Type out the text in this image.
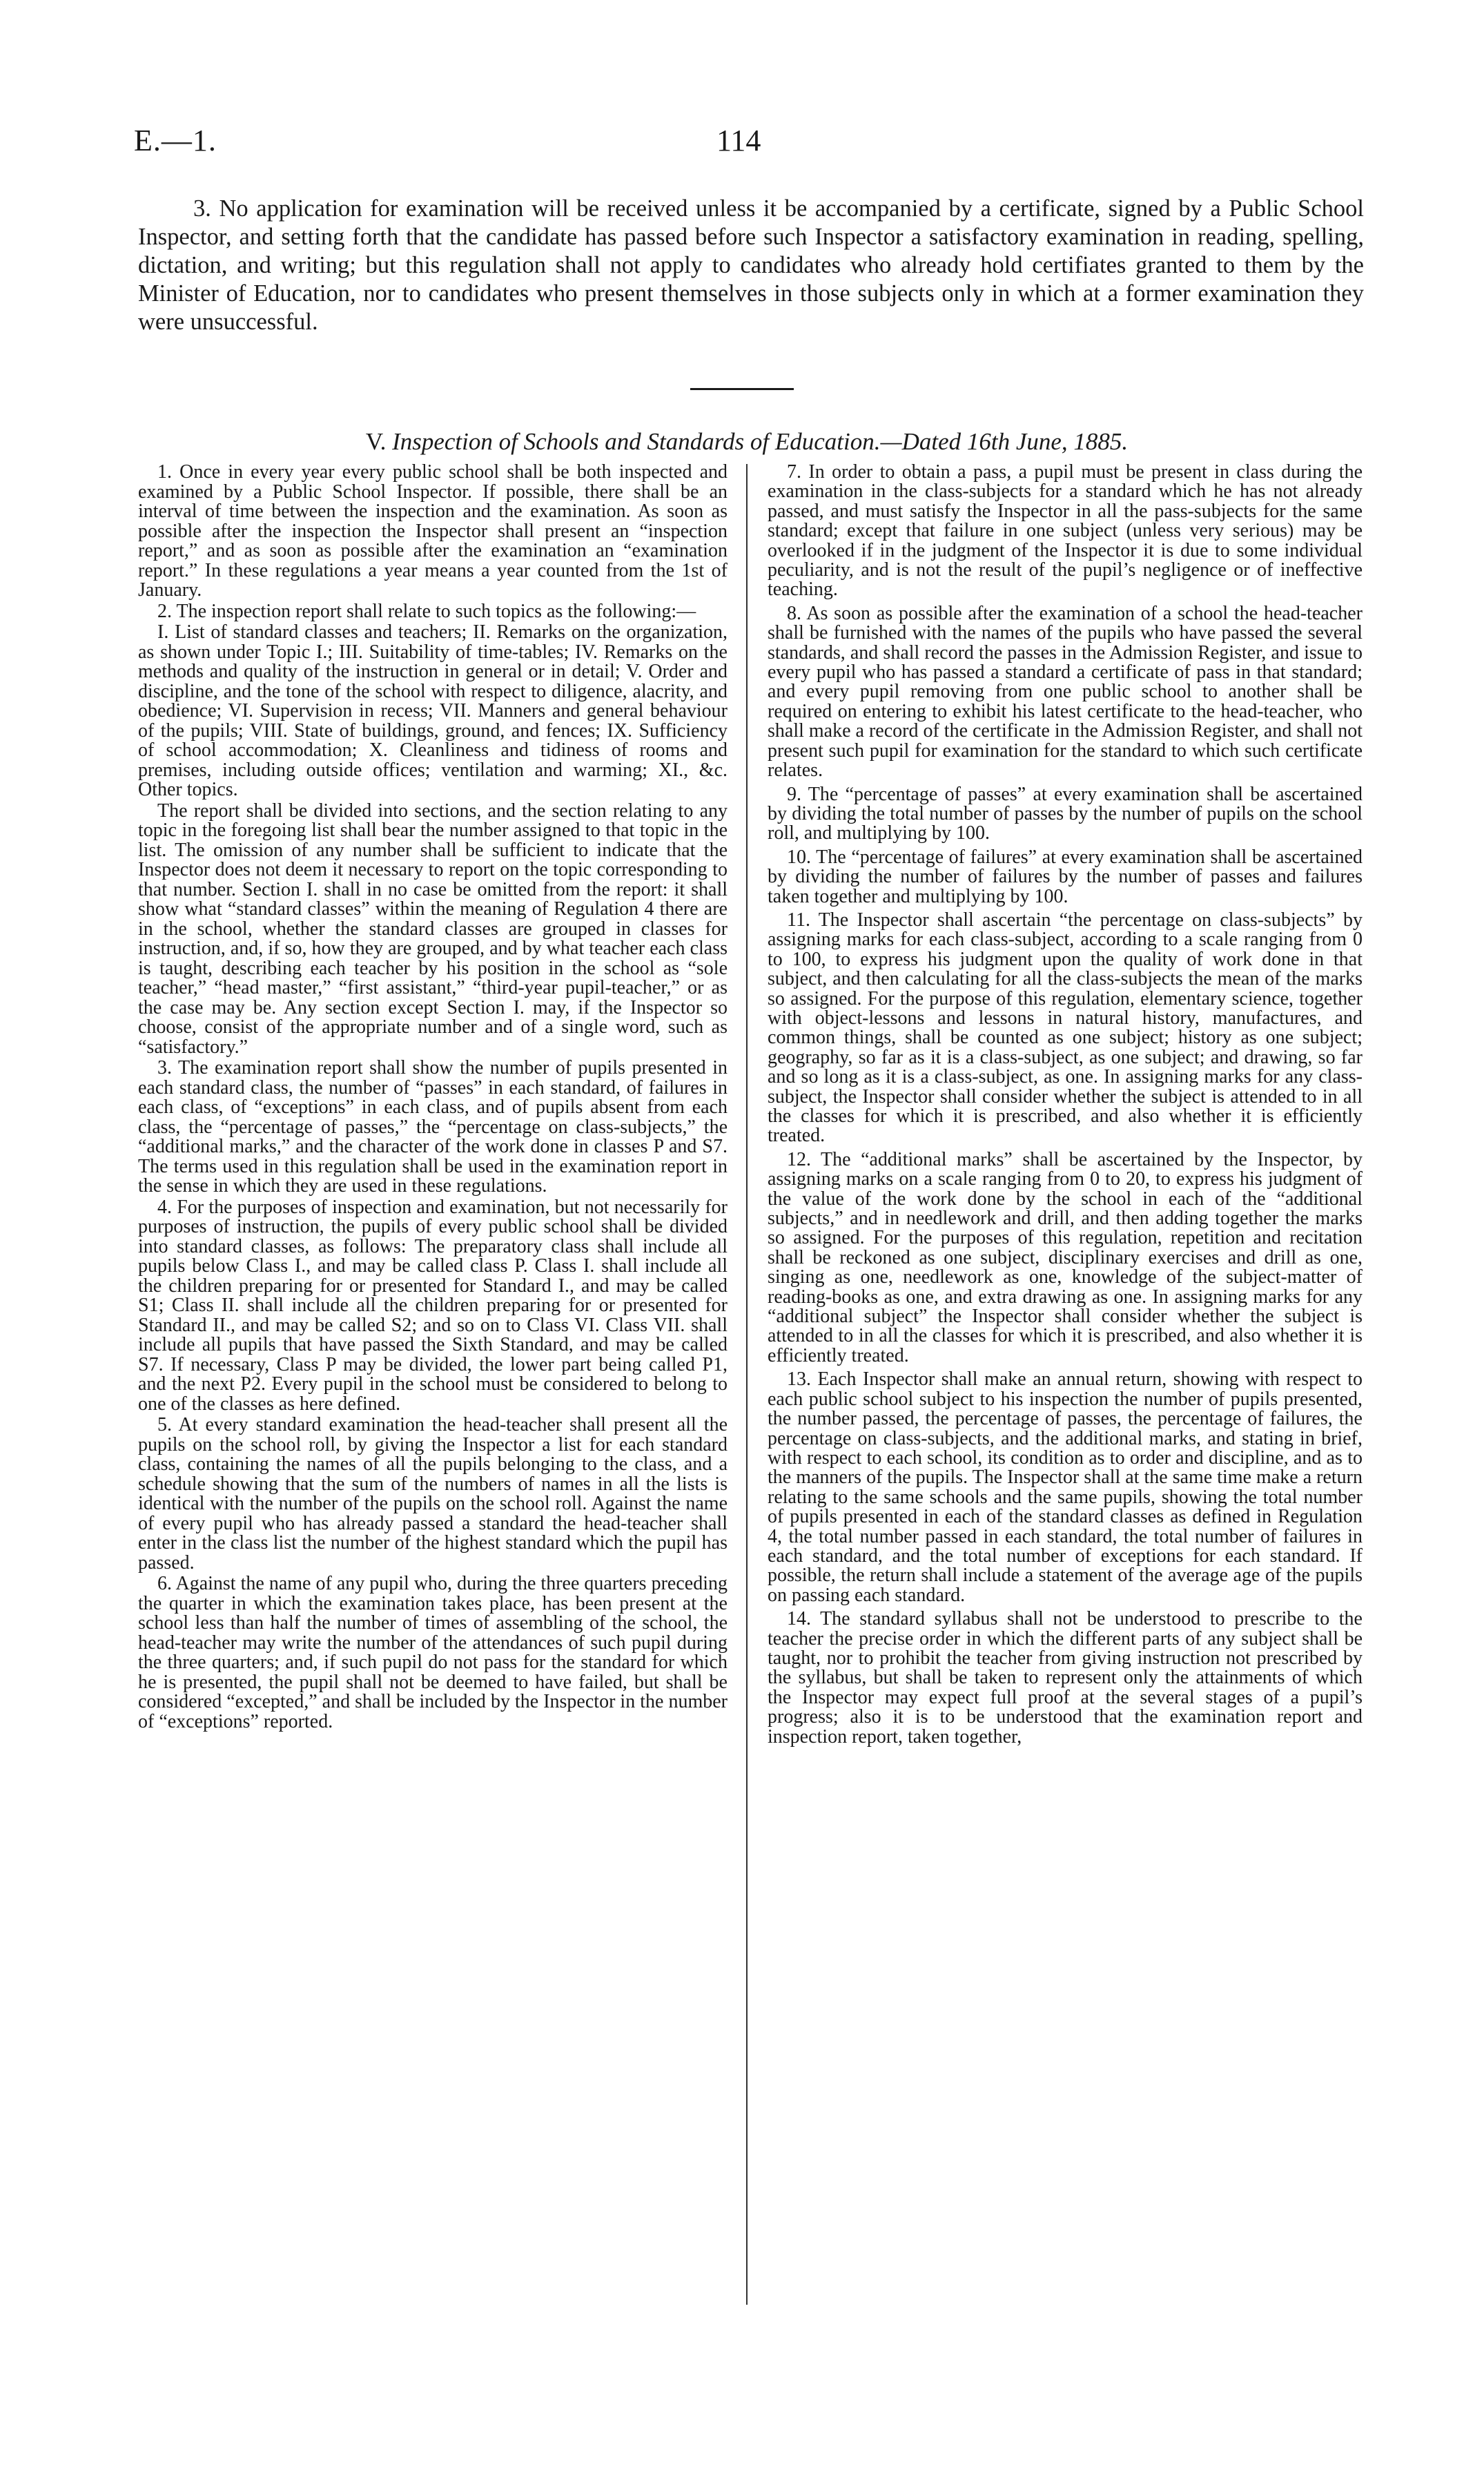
E.—1.	114

3. No application for examination will be received unless it be accompanied by a certificate, signed by a Public School Inspector, and setting forth that the candidate has passed before such Inspector a satisfactory examination in reading, spelling, dictation, and writing; but this regulation shall not apply to candidates who already hold certifiates granted to them by the Minister of Education, nor to candidates who present themselves in those subjects only in which at a former examination they were unsuccessful.

V. Inspection of Schools and Standards of Education.—Dated 16th June, 1885.

1. Once in every year every public school shall be both inspected and examined by a Public School Inspector. If possible, there shall be an interval of time between the inspection and the examination. As soon as possible after the inspection the Inspector shall present an “inspection report,” and as soon as possible after the examination an “examination report.” In these regulations a year means a year counted from the 1st of January.

2. The inspection report shall relate to such topics as the following:—

I. List of standard classes and teachers; II. Remarks on the organization, as shown under Topic I.; III. Suitability of time-tables; IV. Remarks on the methods and quality of the instruction in general or in detail; V. Order and discipline, and the tone of the school with respect to diligence, alacrity, and obedience; VI. Supervision in recess; VII. Manners and general behaviour of the pupils; VIII. State of buildings, ground, and fences; IX. Sufficiency of school accommodation; X. Cleanliness and tidiness of rooms and premises, including outside offices; ventilation and warming; XI., &c. Other topics.

The report shall be divided into sections, and the section relating to any topic in the foregoing list shall bear the number assigned to that topic in the list. The omission of any number shall be sufficient to indicate that the Inspector does not deem it necessary to report on the topic corresponding to that number. Section I. shall in no case be omitted from the report: it shall show what “standard classes” within the meaning of Regulation 4 there are in the school, whether the standard classes are grouped in classes for instruction, and, if so, how they are grouped, and by what teacher each class is taught, describing each teacher by his position in the school as “sole teacher,” “head master,” “first assistant,” “third-year pupil-teacher,” or as the case may be. Any section except Section I. may, if the Inspector so choose, consist of the appropriate number and of a single word, such as “satisfactory.”

3. The examination report shall show the number of pupils presented in each standard class, the number of “passes” in each standard, of failures in each class, of “exceptions” in each class, and of pupils absent from each class, the “percentage of passes,” the “percentage on class-subjects,” the “additional marks,” and the character of the work done in classes P and S7. The terms used in this regulation shall be used in the examination report in the sense in which they are used in these regulations.

4. For the purposes of inspection and examination, but not necessarily for purposes of instruction, the pupils of every public school shall be divided into standard classes, as follows: The preparatory class shall include all pupils below Class I., and may be called class P. Class I. shall include all the children preparing for or presented for Standard I., and may be called S1; Class II. shall include all the children preparing for or presented for Standard II., and may be called S2; and so on to Class VI. Class VII. shall include all pupils that have passed the Sixth Standard, and may be called S7. If necessary, Class P may be divided, the lower part being called P1, and the next P2. Every pupil in the school must be considered to belong to one of the classes as here defined.

5. At every standard examination the head-teacher shall present all the pupils on the school roll, by giving the Inspector a list for each standard class, containing the names of all the pupils belonging to the class, and a schedule showing that the sum of the numbers of names in all the lists is identical with the number of the pupils on the school roll. Against the name of every pupil who has already passed a standard the head-teacher shall enter in the class list the number of the highest standard which the pupil has passed.

6. Against the name of any pupil who, during the three quarters preceding the quarter in which the examination takes place, has been present at the school less than half the number of times of assembling of the school, the head-teacher may write the number of the attendances of such pupil during the three quarters; and, if such pupil do not pass for the standard for which he is presented, the pupil shall not be deemed to have failed, but shall be considered “excepted,” and shall be included by the Inspector in the number of “exceptions” reported.

7. In order to obtain a pass, a pupil must be present in class during the examination in the class-subjects for a standard which he has not already passed, and must satisfy the Inspector in all the pass-subjects for the same standard; except that failure in one subject (unless very serious) may be overlooked if in the judgment of the Inspector it is due to some individual peculiarity, and is not the result of the pupil’s negligence or of ineffective teaching.

8. As soon as possible after the examination of a school the head-teacher shall be furnished with the names of the pupils who have passed the several standards, and shall record the passes in the Admission Register, and issue to every pupil who has passed a standard a certificate of pass in that standard; and every pupil removing from one public school to another shall be required on entering to exhibit his latest certificate to the head-teacher, who shall make a record of the certificate in the Admission Register, and shall not present such pupil for examination for the standard to which such certificate relates.

9. The “percentage of passes” at every examination shall be ascertained by dividing the total number of passes by the number of pupils on the school roll, and multiplying by 100.

10. The “percentage of failures” at every examination shall be ascertained by dividing the number of failures by the number of passes and failures taken together and multiplying by 100.

11. The Inspector shall ascertain “the percentage on class-subjects” by assigning marks for each class-subject, according to a scale ranging from 0 to 100, to express his judgment upon the quality of work done in that subject, and then calculating for all the class-subjects the mean of the marks so assigned. For the purpose of this regulation, elementary science, together with object-lessons and lessons in natural history, manufactures, and common things, shall be counted as one subject; history as one subject; geography, so far as it is a class-subject, as one subject; and drawing, so far and so long as it is a class-subject, as one. In assigning marks for any class-subject, the Inspector shall consider whether the subject is attended to in all the classes for which it is prescribed, and also whether it is efficiently treated.

12. The “additional marks” shall be ascertained by the Inspector, by assigning marks on a scale ranging from 0 to 20, to express his judgment of the value of the work done by the school in each of the “additional subjects,” and in needlework and drill, and then adding together the marks so assigned. For the purposes of this regulation, repetition and recitation shall be reckoned as one subject, disciplinary exercises and drill as one, singing as one, needlework as one, knowledge of the subject-matter of reading-books as one, and extra drawing as one. In assigning marks for any “additional subject” the Inspector shall consider whether the subject is attended to in all the classes for which it is prescribed, and also whether it is efficiently treated.

13. Each Inspector shall make an annual return, showing with respect to each public school subject to his inspection the number of pupils presented, the number passed, the percentage of passes, the percentage of failures, the percentage on class-subjects, and the additional marks, and stating in brief, with respect to each school, its condition as to order and discipline, and as to the manners of the pupils. The Inspector shall at the same time make a return relating to the same schools and the same pupils, showing the total number of pupils presented in each of the standard classes as defined in Regulation 4, the total number passed in each standard, the total number of failures in each standard, and the total number of exceptions for each standard. If possible, the return shall include a statement of the average age of the pupils on passing each standard.

14. The standard syllabus shall not be understood to prescribe to the teacher the precise order in which the different parts of any subject shall be taught, nor to prohibit the teacher from giving instruction not prescribed by the syllabus, but shall be taken to represent only the attainments of which the Inspector may expect full proof at the several stages of a pupil’s progress; also it is to be understood that the examination report and inspection report, taken together,
